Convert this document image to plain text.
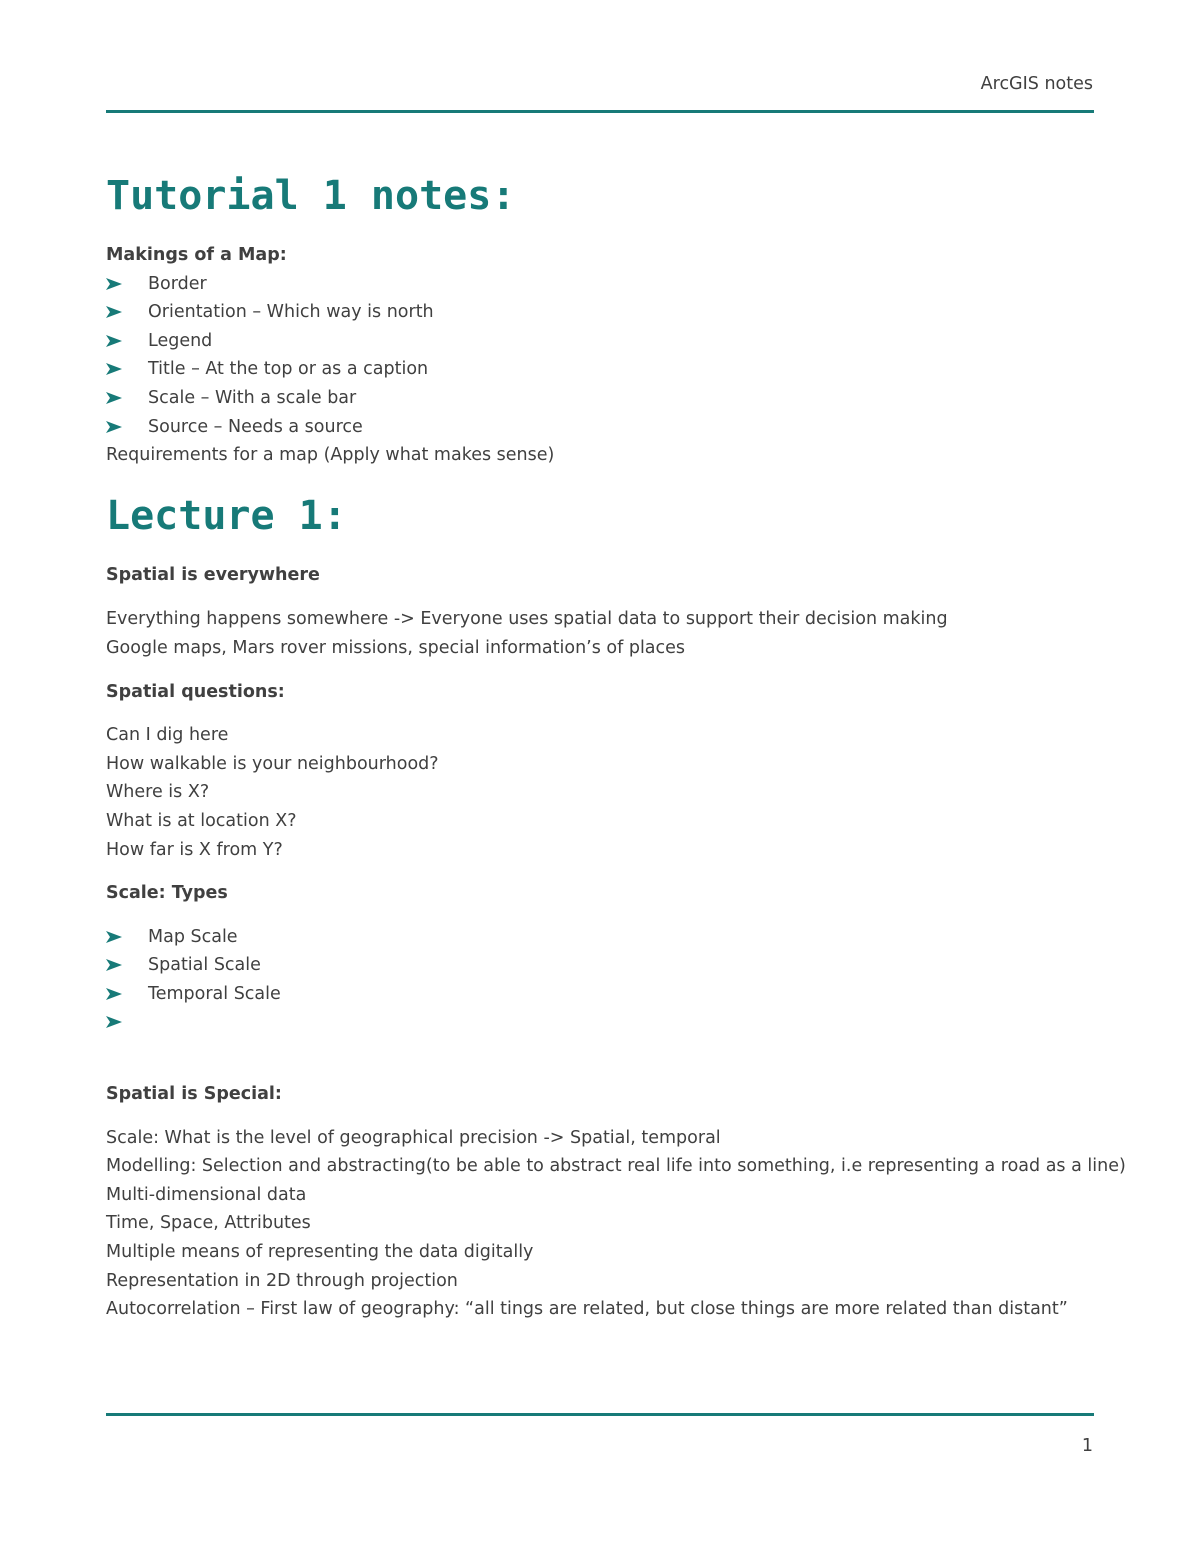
ArcGIS notes
Tutorial 1 notes:
Makings of a Map:
Border
Orientation – Which way is north
Legend
Title – At the top or as a caption
Scale – With a scale bar
Source – Needs a source
Requirements for a map (Apply what makes sense)
Lecture 1:
Spatial is everywhere
Everything happens somewhere -> Everyone uses spatial data to support their decision making
Google maps, Mars rover missions, special information’s of places
Spatial questions:
Can I dig here
How walkable is your neighbourhood?
Where is X?
What is at location X?
How far is X from Y?
Scale: Types
Map Scale
Spatial Scale
Temporal Scale
Spatial is Special:
Scale: What is the level of geographical precision -> Spatial, temporal
Modelling: Selection and abstracting(to be able to abstract real life into something, i.e representing a road as a line)
Multi-dimensional data
Time, Space, Attributes
Multiple means of representing the data digitally
Representation in 2D through projection
Autocorrelation – First law of geography: “all tings are related, but close things are more related than distant”
1
